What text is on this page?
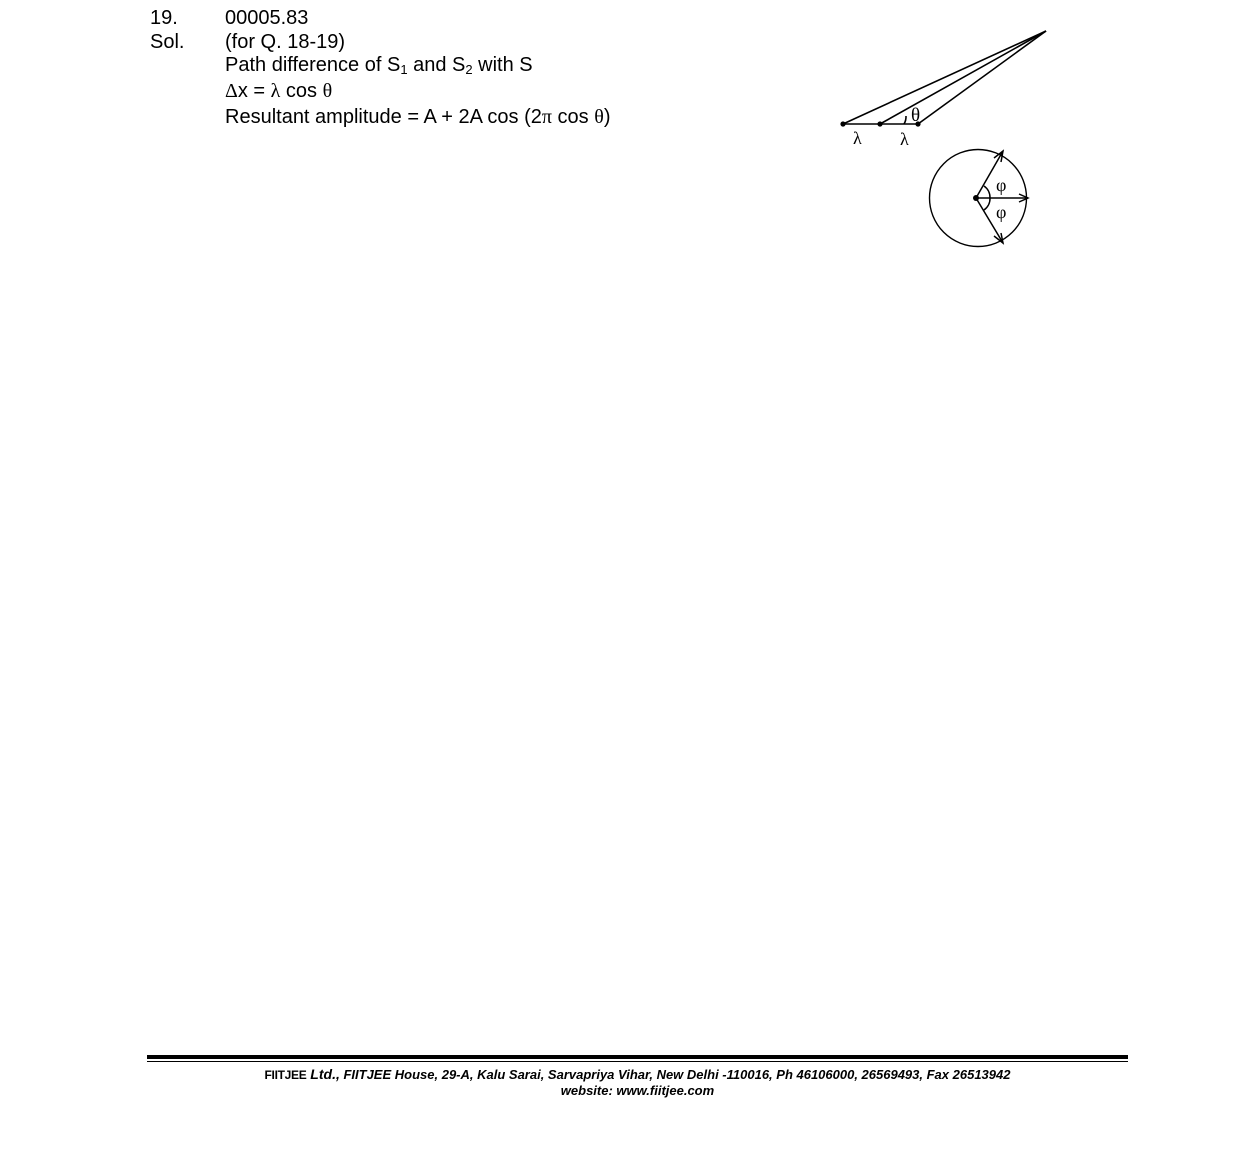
19. 00005.83
Sol. (for Q. 18-19)
Path difference of $S_1$ and $S_2$ with S
Δx = λ cos θ
Resultant amplitude = A + 2A cos (2π cos θ)	θ
λ λ
φ
φ
FIITJEE Ltd., FIITJEE House, 29-A, Kalu Sarai, Sarvapriya Vihar, New Delhi -110016, Ph 46106000, 26569493, Fax 26513942
website: www.fiitjee.com
